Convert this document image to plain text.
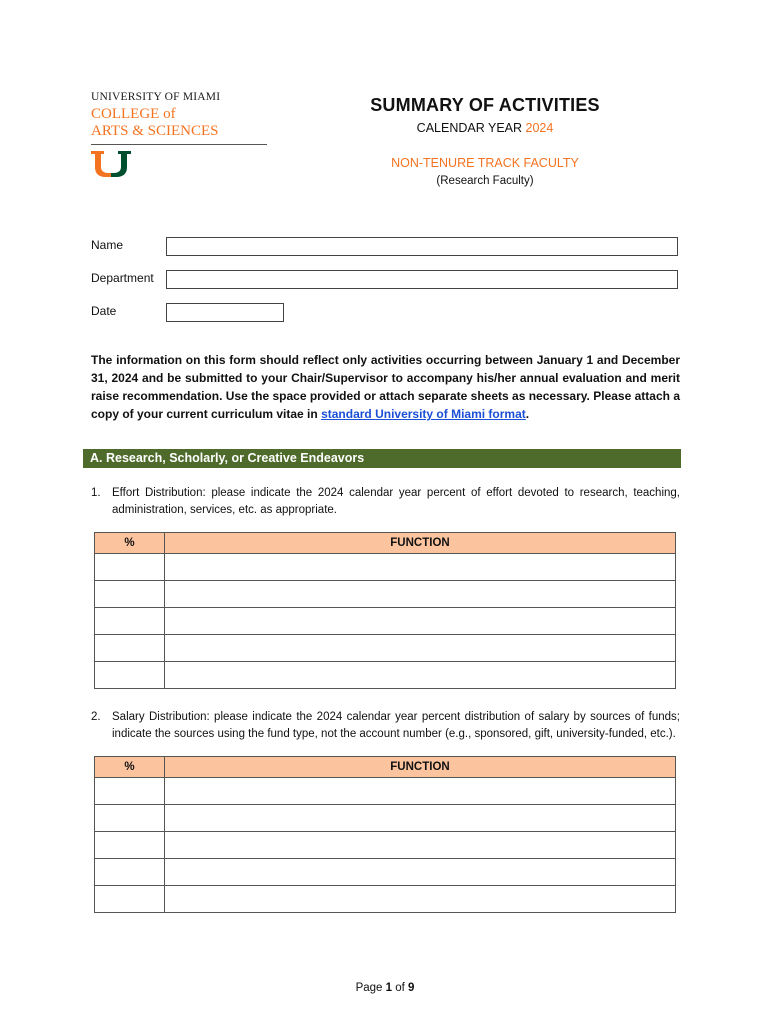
UNIVERSITY OF MIAMI
COLLEGE of
ARTS & SCIENCES
SUMMARY OF ACTIVITIES
CALENDAR YEAR 2024
NON-TENURE TRACK FACULTY
(Research Faculty)
Name
Department
Date
The information on this form should reflect only activities occurring between January 1 and December 31, 2024 and be submitted to your Chair/Supervisor to accompany his/her annual evaluation and merit raise recommendation. Use the space provided or attach separate sheets as necessary. Please attach a copy of your current curriculum vitae in standard University of Miami format.
A. Research, Scholarly, or Creative Endeavors
1. Effort Distribution: please indicate the 2024 calendar year percent of effort devoted to research, teaching, administration, services, etc. as appropriate.
%	FUNCTION

2. Salary Distribution: please indicate the 2024 calendar year percent distribution of salary by sources of funds; indicate the sources using the fund type, not the account number (e.g., sponsored, gift, university-funded, etc.).
%	FUNCTION

Page 1 of 9
